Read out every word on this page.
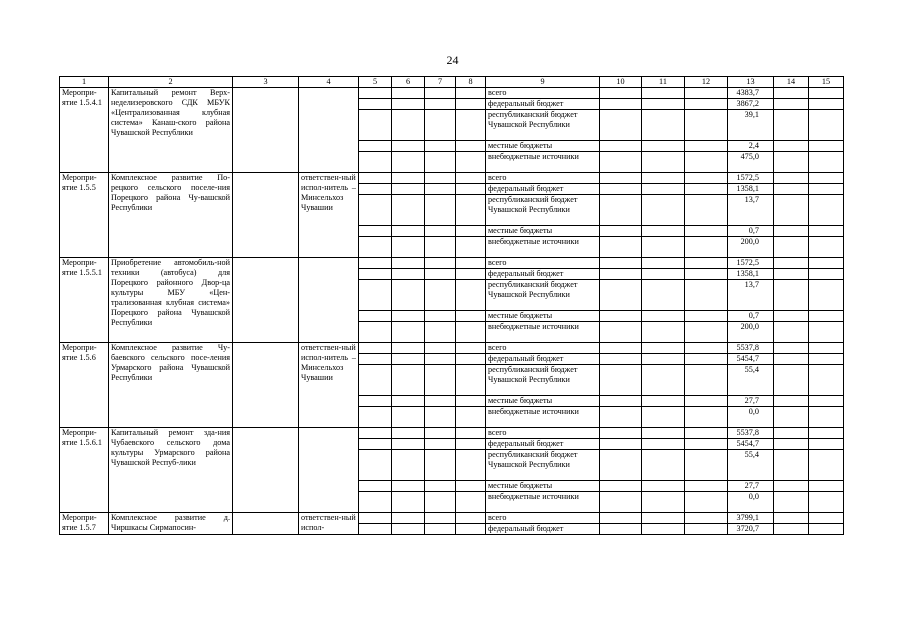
24
1	2	3	4	5	6	7	8	9	10	11	12	13	14	15
Меропри-ятие 1.5.4.1	Капитальный ремонт Верх-неделизеровского СДК МБУК «Централизованная клубная система» Канаш-ского района Чувашской Республики							всего				4383,7		
								федеральный бюджет				3867,2		
								республиканский бюджет Чувашской Республики				39,1		
								местные бюджеты				2,4		
								внебюджетные источники				475,0		
Меропри-ятие 1.5.5	Комплексное развитие По-рецкого сельского поселе-ния Порецкого района Чу-вашской Республики		ответствен-ный испол-нитель – Минсельхоз Чувашии					всего				1572,5		
								федеральный бюджет				1358,1		
								республиканский бюджет Чувашской Республики				13,7		
								местные бюджеты				0,7		
								внебюджетные источники				200,0		
Меропри-ятие 1.5.5.1	Приобретение автомобиль-ной техники (автобуса) для Порецкого районного Двор-ца культуры МБУ «Цен-трализованная клубная система» Порецкого района Чувашской Республики							всего				1572,5		
								федеральный бюджет				1358,1		
								республиканский бюджет Чувашской Республики				13,7		
								местные бюджеты				0,7		
								внебюджетные источники				200,0		
Меропри-ятие 1.5.6	Комплексное развитие Чу-баевского сельского посе-ления Урмарского района Чувашской Республики		ответствен-ный испол-нитель – Минсельхоз Чувашии					всего				5537,8		
								федеральный бюджет				5454,7		
								республиканский бюджет Чувашской Республики				55,4		
								местные бюджеты				27,7		
								внебюджетные источники				0,0		
Меропри-ятие 1.5.6.1	Капитальный ремонт зда-ния Чубаевского сельского дома культуры Урмарского района Чувашской Респуб-лики							всего				5537,8		
								федеральный бюджет				5454,7		
								республиканский бюджет Чувашской Республики				55,4		
								местные бюджеты				27,7		
								внебюджетные источники				0,0		
Меропри-ятие 1.5.7	Комплексное развитие д. Чиршкасы Сирмапосин-		ответствен-ный испол-					всего				3799,1		
								федеральный бюджет				3720,7		
